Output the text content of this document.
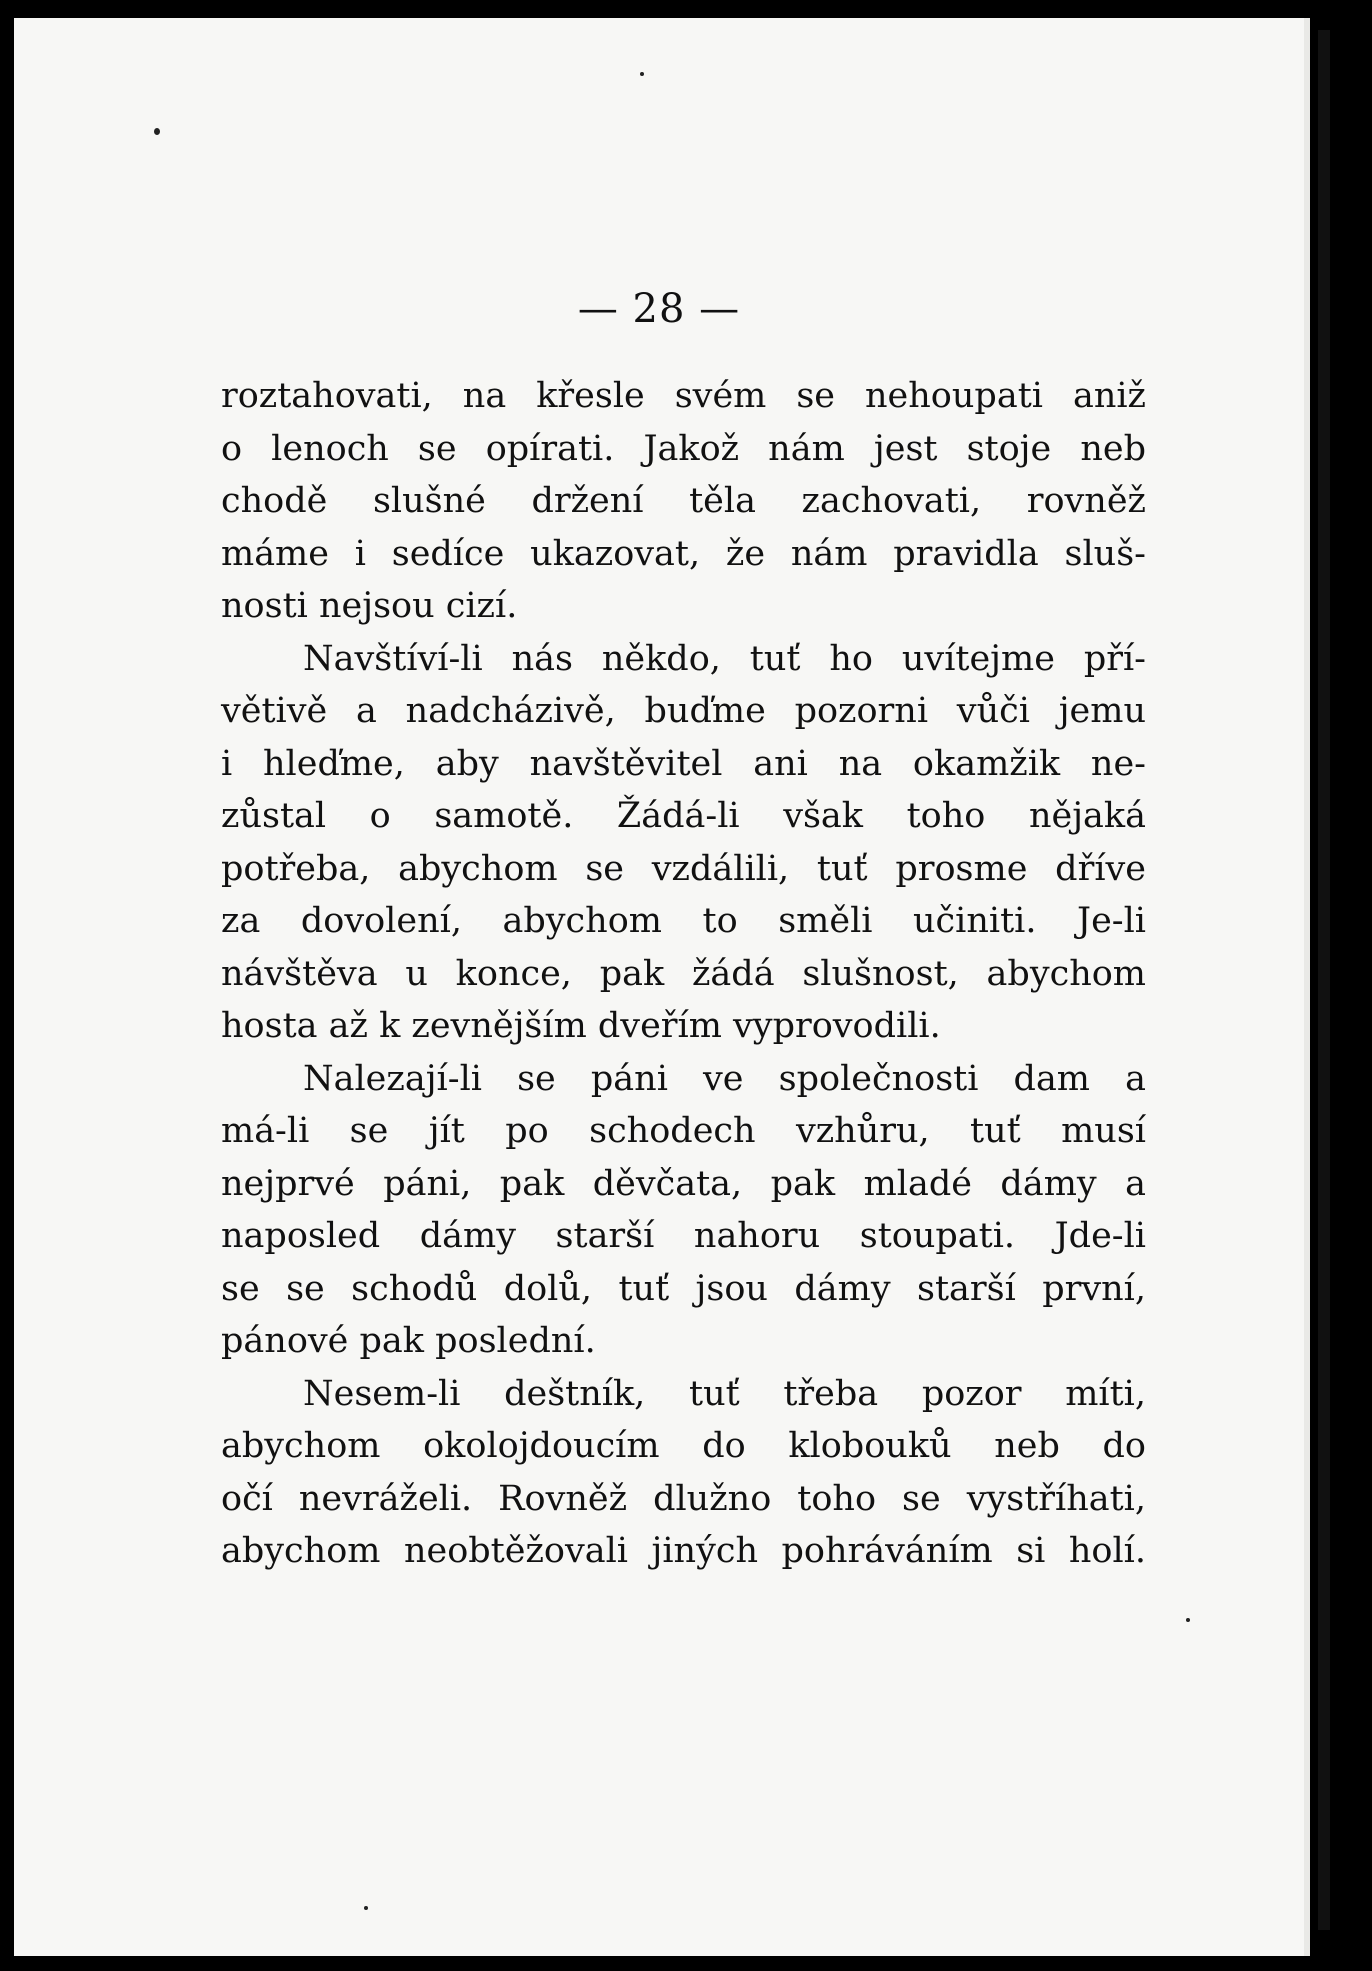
— 28 —
roztahovati, na křesle svém se nehoupati aniž
o lenoch se opírati. Jakož nám jest stoje neb
chodě slušné držení těla zachovati, rovněž
máme i sedíce ukazovat, že nám pravidla sluš-
nosti nejsou cizí.
Navštíví-li nás někdo, tuť ho uvítejme pří-
větivě a nadcházivě, buďme pozorni vůči jemu
i hleďme, aby navštěvitel ani na okamžik ne-
zůstal o samotě. Žádá-li však toho nějaká
potřeba, abychom se vzdálili, tuť prosme dříve
za dovolení, abychom to směli učiniti. Je-li
návštěva u konce, pak žádá slušnost, abychom
hosta až k zevnějším dveřím vyprovodili.
Nalezají-li se páni ve společnosti dam a
má-li se jít po schodech vzhůru, tuť musí
nejprvé páni, pak děvčata, pak mladé dámy a
naposled dámy starší nahoru stoupati. Jde-li
se se schodů dolů, tuť jsou dámy starší první,
pánové pak poslední.
Nesem-li deštník, tuť třeba pozor míti,
abychom okolojdoucím do klobouků neb do
očí nevráželi. Rovněž dlužno toho se vystříhati,
abychom neobtěžovali jiných pohráváním si holí.
